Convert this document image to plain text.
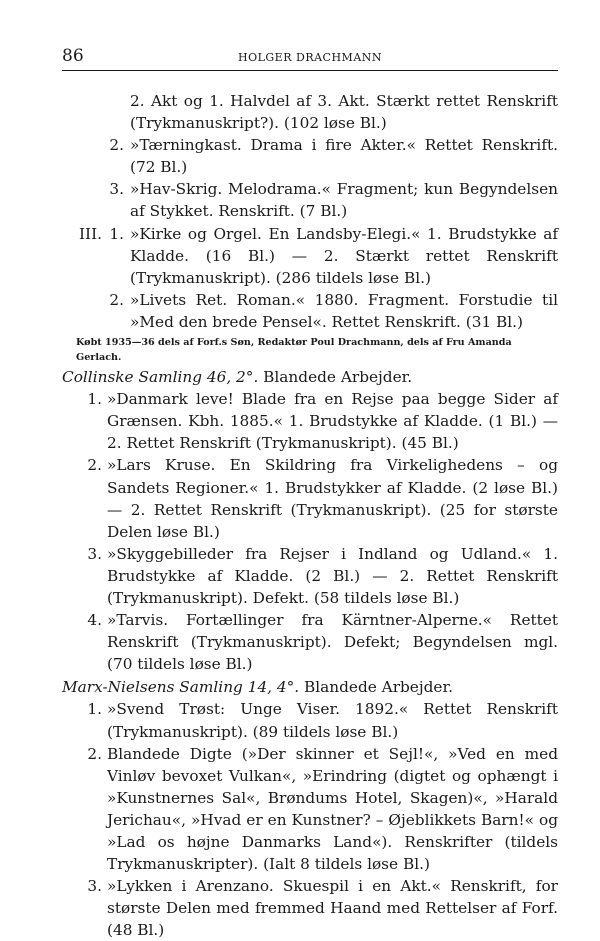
86	HOLGER DRACHMANN
2. Akt og 1. Halvdel af 3. Akt. Stærkt rettet Renskrift (Trykmanuskript?). (102 løse Bl.)
2. »Tærningkast. Drama i fire Akter.« Rettet Renskrift. (72 Bl.)
3. »Hav-Skrig. Melodrama.« Fragment; kun Begyndelsen af Stykket. Renskrift. (7 Bl.)
III. 1. »Kirke og Orgel. En Landsby-Elegi.« 1. Brudstykke af Kladde. (16 Bl.) — 2. Stærkt rettet Renskrift (Trykmanuskript). (286 tildels løse Bl.)
2. »Livets Ret. Roman.« 1880. Fragment. Forstudie til »Med den brede Pensel«. Rettet Renskrift. (31 Bl.)
Købt 1935—36 dels af Forf.s Søn, Redaktør Poul Drachmann, dels af Fru Amanda Gerlach.
Collinske Samling 46, 2°. Blandede Arbejder.
1. »Danmark leve! Blade fra en Rejse paa begge Sider af Grænsen. Kbh. 1885.« 1. Brudstykke af Kladde. (1 Bl.) — 2. Rettet Renskrift (Trykmanuskript). (45 Bl.)
2. »Lars Kruse. En Skildring fra Virkelighedens – og Sandets Regioner.« 1. Brudstykker af Kladde. (2 løse Bl.) — 2. Rettet Renskrift (Trykmanuskript). (25 for største Delen løse Bl.)
3. »Skyggebilleder fra Rejser i Indland og Udland.« 1. Brudstykke af Kladde. (2 Bl.) — 2. Rettet Renskrift (Trykmanuskript). Defekt. (58 tildels løse Bl.)
4. »Tarvis. Fortællinger fra Kärntner-Alperne.« Rettet Renskrift (Trykmanuskript). Defekt; Begyndelsen mgl. (70 tildels løse Bl.)
Marx-Nielsens Samling 14, 4°. Blandede Arbejder.
1. »Svend Trøst: Unge Viser. 1892.« Rettet Renskrift (Trykmanuskript). (89 tildels løse Bl.)
2. Blandede Digte (»Der skinner et Sejl!«, »Ved en med Vinløv bevoxet Vulkan«, »Erindring (digtet og ophængt i »Kunstnernes Sal«, Brøndums Hotel, Skagen)«, »Harald Jerichau«, »Hvad er en Kunstner? – Øjeblikkets Barn!« og »Lad os højne Danmarks Land«). Renskrifter (tildels Trykmanuskripter). (Ialt 8 tildels løse Bl.)
3. »Lykken i Arenzano. Skuespil i en Akt.« Renskrift, for største Delen med fremmed Haand med Rettelser af Forf. (48 Bl.)
